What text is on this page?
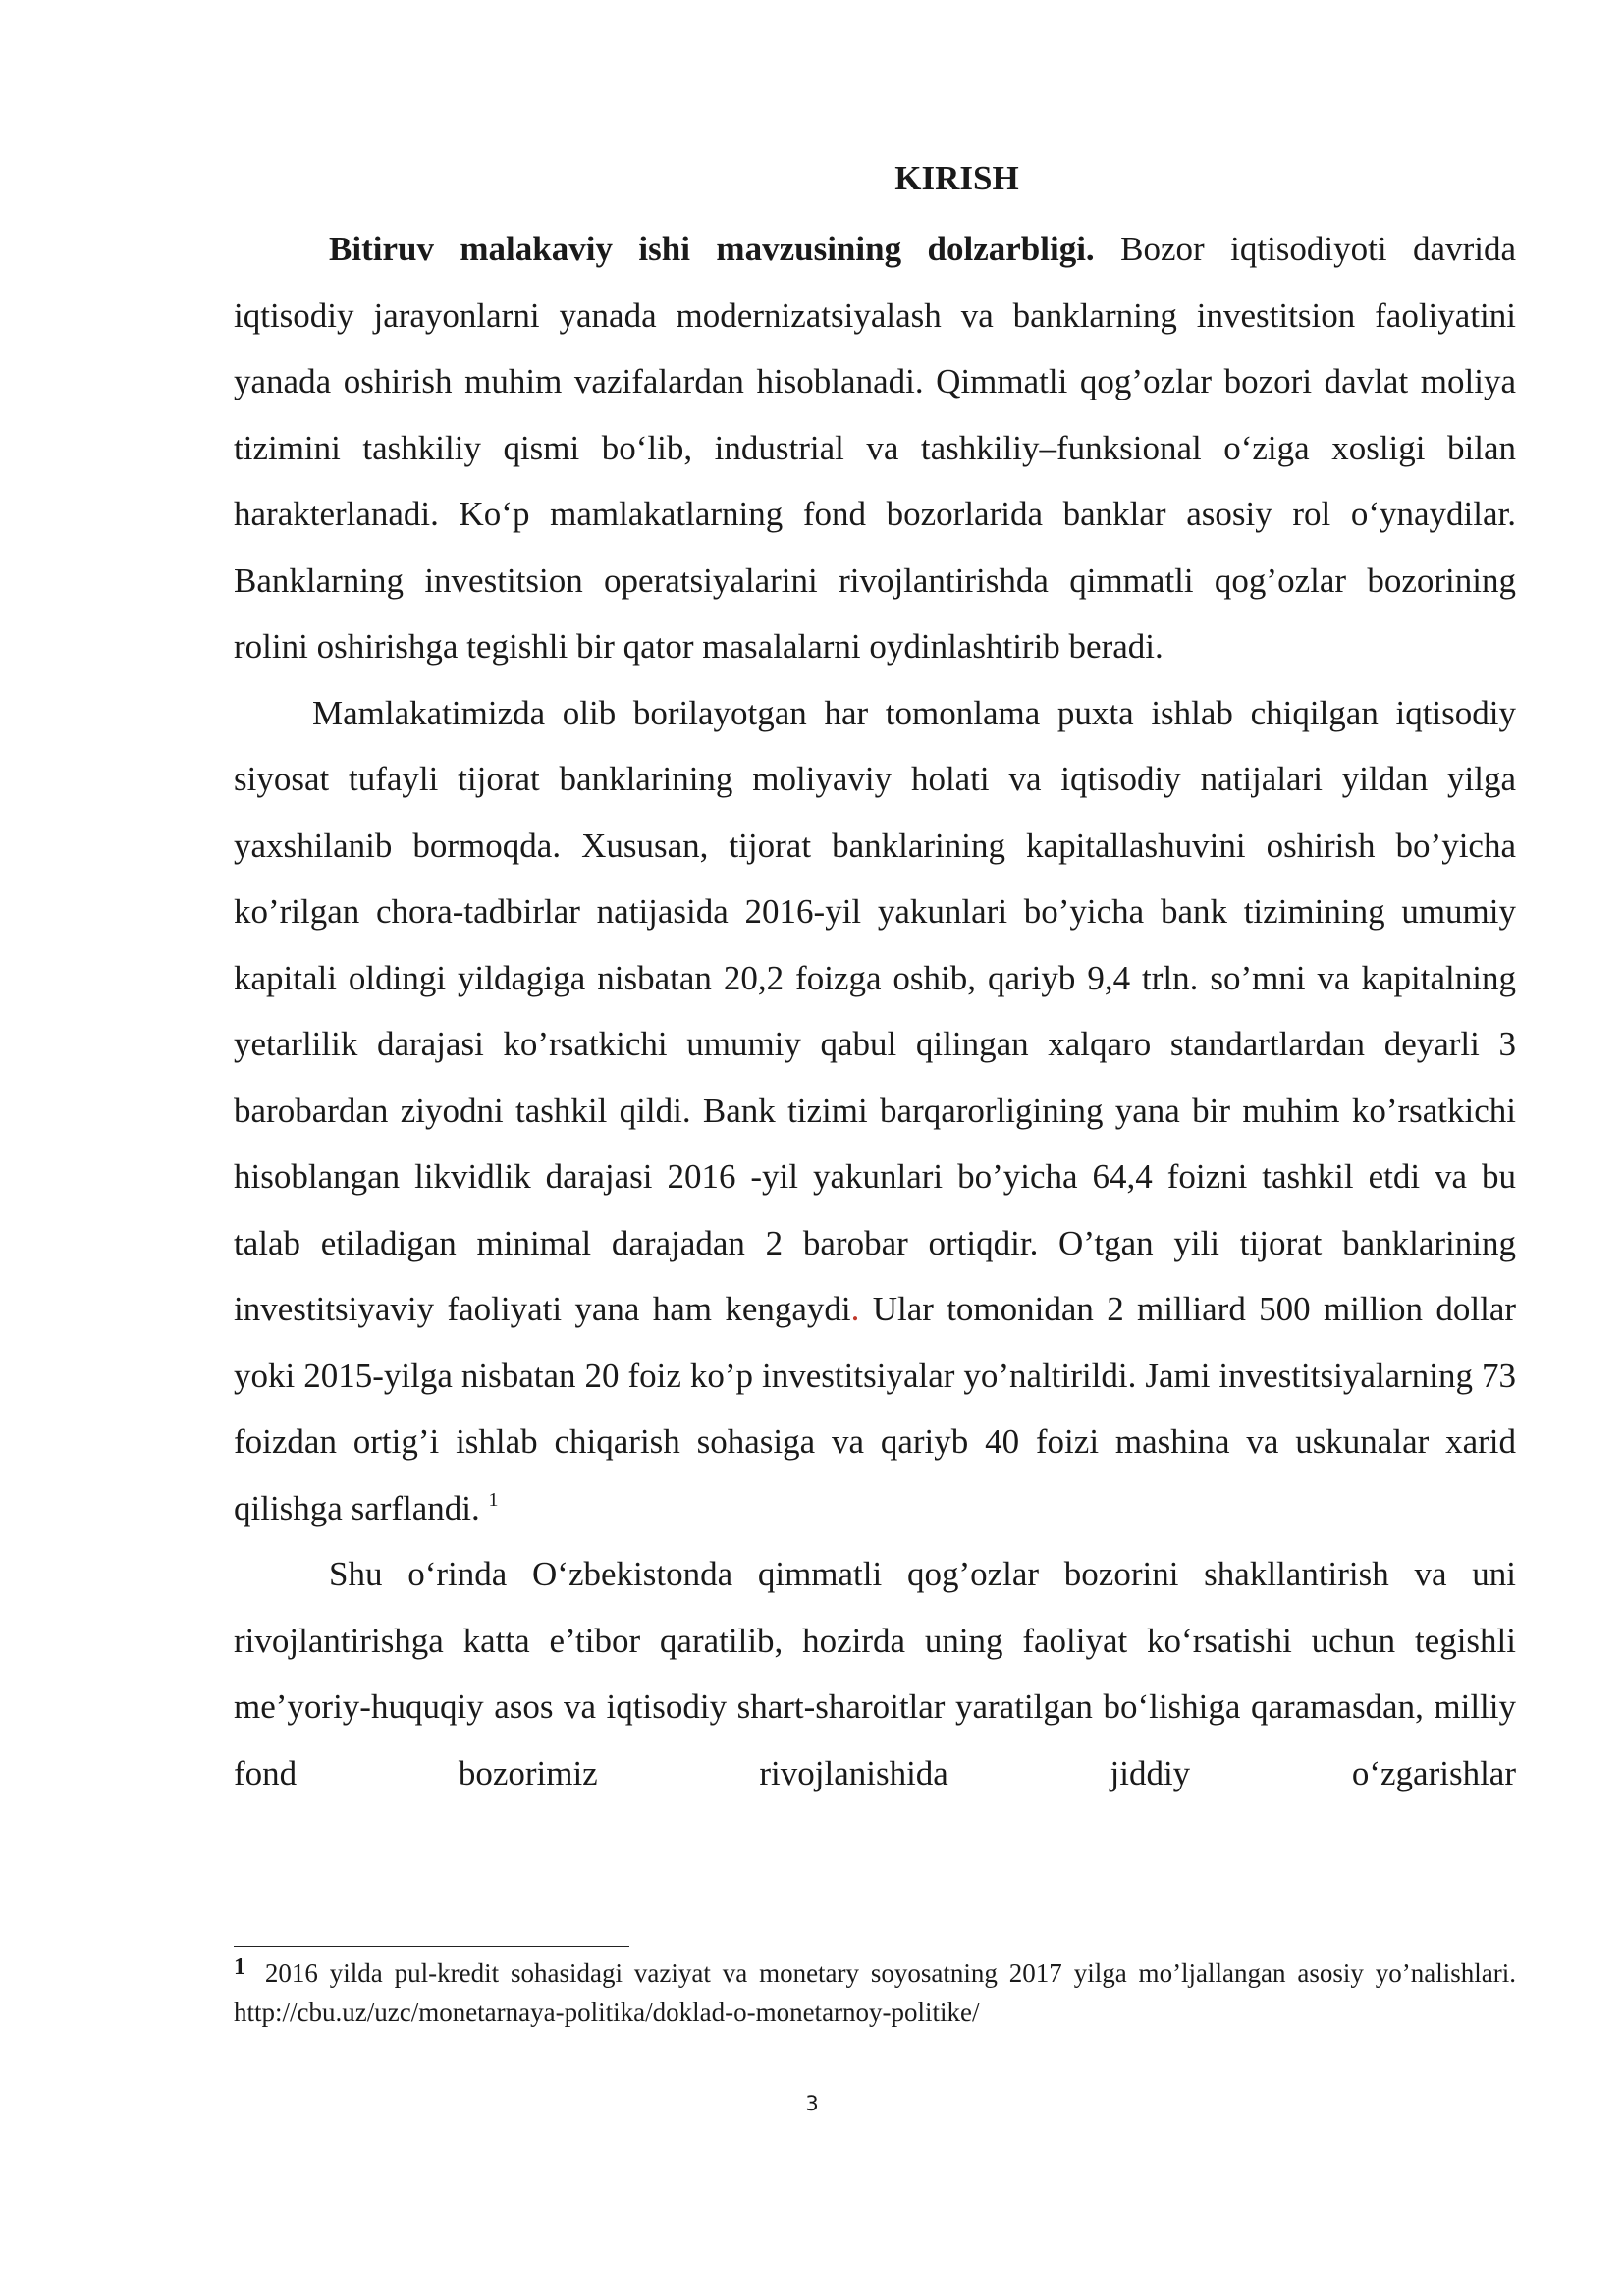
KIRISH

Bitiruv malakaviy ishi mavzusining dolzarbligi. Bozor iqtisodiyoti davrida iqtisodiy jarayonlarni yanada modernizatsiyalash va banklarning investitsion faoliyatini yanada oshirish muhim vazifalardan hisoblanadi. Qimmatli qog’ozlar bozori davlat moliya tizimini tashkiliy qismi bo‘lib, industrial va tashkiliy–funksional o‘ziga xosligi bilan harakterlanadi. Ko‘p mamlakatlarning fond bozorlarida banklar asosiy rol o‘ynaydilar. Banklarning investitsion operatsiyalarini rivojlantirishda qimmatli qog’ozlar bozorining rolini oshirishga tegishli bir qator masalalarni oydinlashtirib beradi.

Mamlakatimizda olib borilayotgan har tomonlama puxta ishlab chiqilgan iqtisodiy siyosat tufayli tijorat banklarining moliyaviy holati va iqtisodiy natijalari yildan yilga yaxshilanib bormoqda. Xususan, tijorat banklarining kapitallashuvini oshirish bo’yicha ko’rilgan chora-tadbirlar natijasida 2016-yil yakunlari bo’yicha bank tizimining umumiy kapitali oldingi yildagiga nisbatan 20,2 foizga oshib, qariyb 9,4 trln. so’mni va kapitalning yetarlilik darajasi ko’rsatkichi umumiy qabul qilingan xalqaro standartlardan deyarli 3 barobardan ziyodni tashkil qildi. Bank tizimi barqarorligining yana bir muhim ko’rsatkichi hisoblangan likvidlik darajasi 2016 -yil yakunlari bo’yicha 64,4 foizni tashkil etdi va bu talab etiladigan minimal darajadan 2 barobar ortiqdir. O’tgan yili tijorat banklarining investitsiyaviy faoliyati yana ham kengaydi. Ular tomonidan 2 milliard 500 million dollar yoki 2015-yilga nisbatan 20 foiz ko’p investitsiyalar yo’naltirildi. Jami investitsiyalarning 73 foizdan ortig’i ishlab chiqarish sohasiga va qariyb 40 foizi mashina va uskunalar xarid qilishga sarflandi. $^1$

Shu o‘rinda O‘zbekistonda qimmatli qog’ozlar bozorini shakllantirish va uni rivojlantirishga katta e’tibor qaratilib, hozirda uning faoliyat ko‘rsatishi uchun tegishli me’yoriy-huquqiy asos va iqtisodiy shart-sharoitlar yaratilgan bo‘lishiga qaramasdan, milliy fond bozorimiz rivojlanishida jiddiy o‘zgarishlar

$^1$ 2016 yilda pul-kredit sohasidagi vaziyat va monetary soyosatning 2017 yilga mo’ljallangan asosiy yo’nalishlari. http://cbu.uz/uzc/monetarnaya-politika/doklad-o-monetarnoy-politike/

3
